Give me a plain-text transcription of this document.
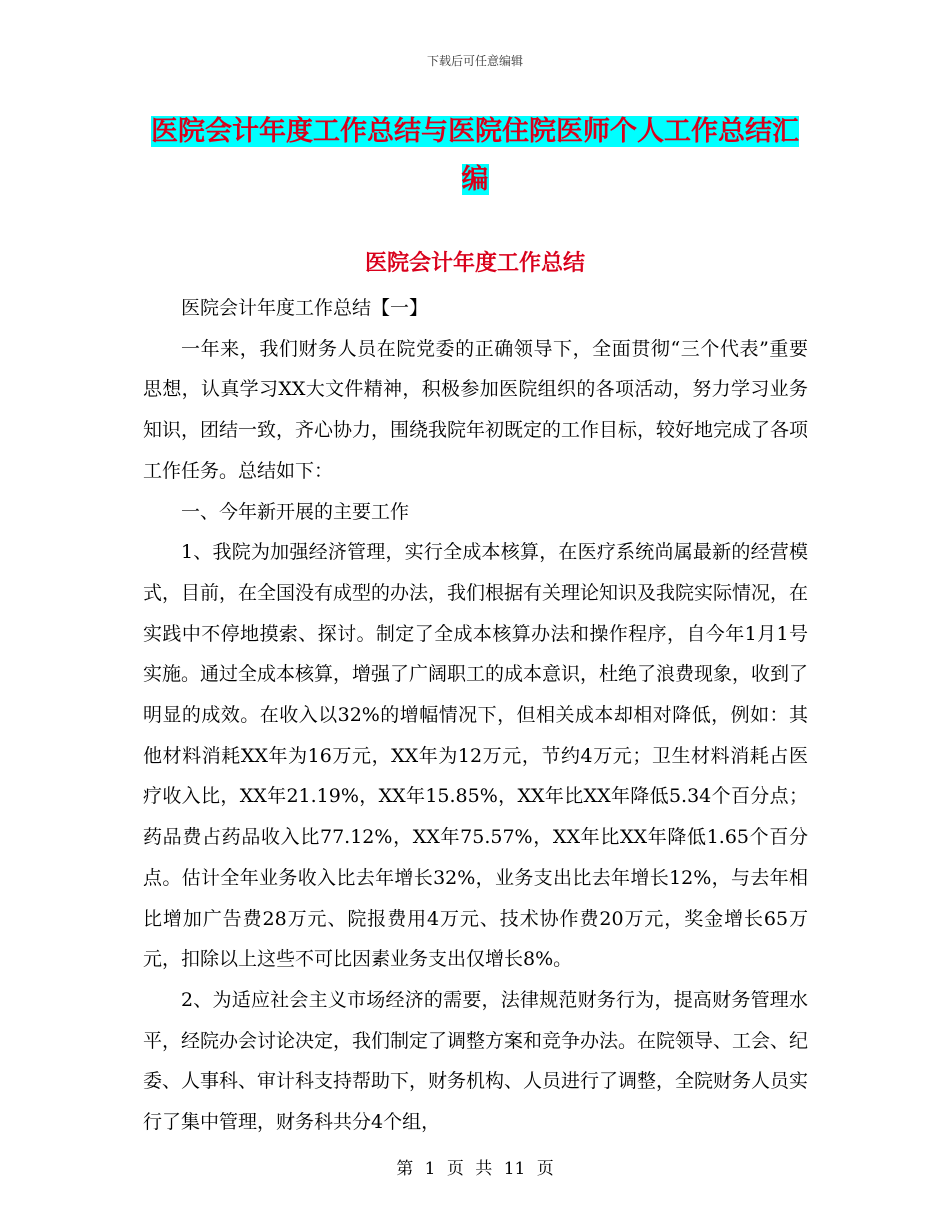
下载后可任意编辑
医院会计年度工作总结与医院住院医师个人工作总结汇编
医院会计年度工作总结

医院会计年度工作总结【一】

一年来，我们财务人员在院党委的正确领导下，全面贯彻“三个代表”重要思想，认真学习XX大文件精神，积极参加医院组织的各项活动，努力学习业务知识，团结一致，齐心协力，围绕我院年初既定的工作目标，较好地完成了各项工作任务。总结如下：

一、今年新开展的主要工作

1、我院为加强经济管理，实行全成本核算，在医疗系统尚属最新的经营模式，目前，在全国没有成型的办法，我们根据有关理论知识及我院实际情况，在实践中不停地摸索、探讨。制定了全成本核算办法和操作程序，自今年1月1号实施。通过全成本核算，增强了广阔职工的成本意识，杜绝了浪费现象，收到了明显的成效。在收入以32%的增幅情况下，但相关成本却相对降低，例如：其他材料消耗XX年为16万元，XX年为12万元，节约4万元；卫生材料消耗占医疗收入比，XX年21.19%，XX年15.85%，XX年比XX年降低5.34个百分点；药品费占药品收入比77.12%，XX年75.57%，XX年比XX年降低1.65个百分点。估计全年业务收入比去年增长32%，业务支出比去年增长12%，与去年相比增加广告费28万元、院报费用4万元、技术协作费20万元，奖金增长65万元，扣除以上这些不可比因素业务支出仅增长8%。

2、为适应社会主义市场经济的需要，法律规范财务行为，提高财务管理水平，经院办会讨论决定，我们制定了调整方案和竞争办法。在院领导、工会、纪委、人事科、审计科支持帮助下，财务机构、人员进行了调整，全院财务人员实行了集中管理，财务科共分4个组，

第 1 页 共 11 页
